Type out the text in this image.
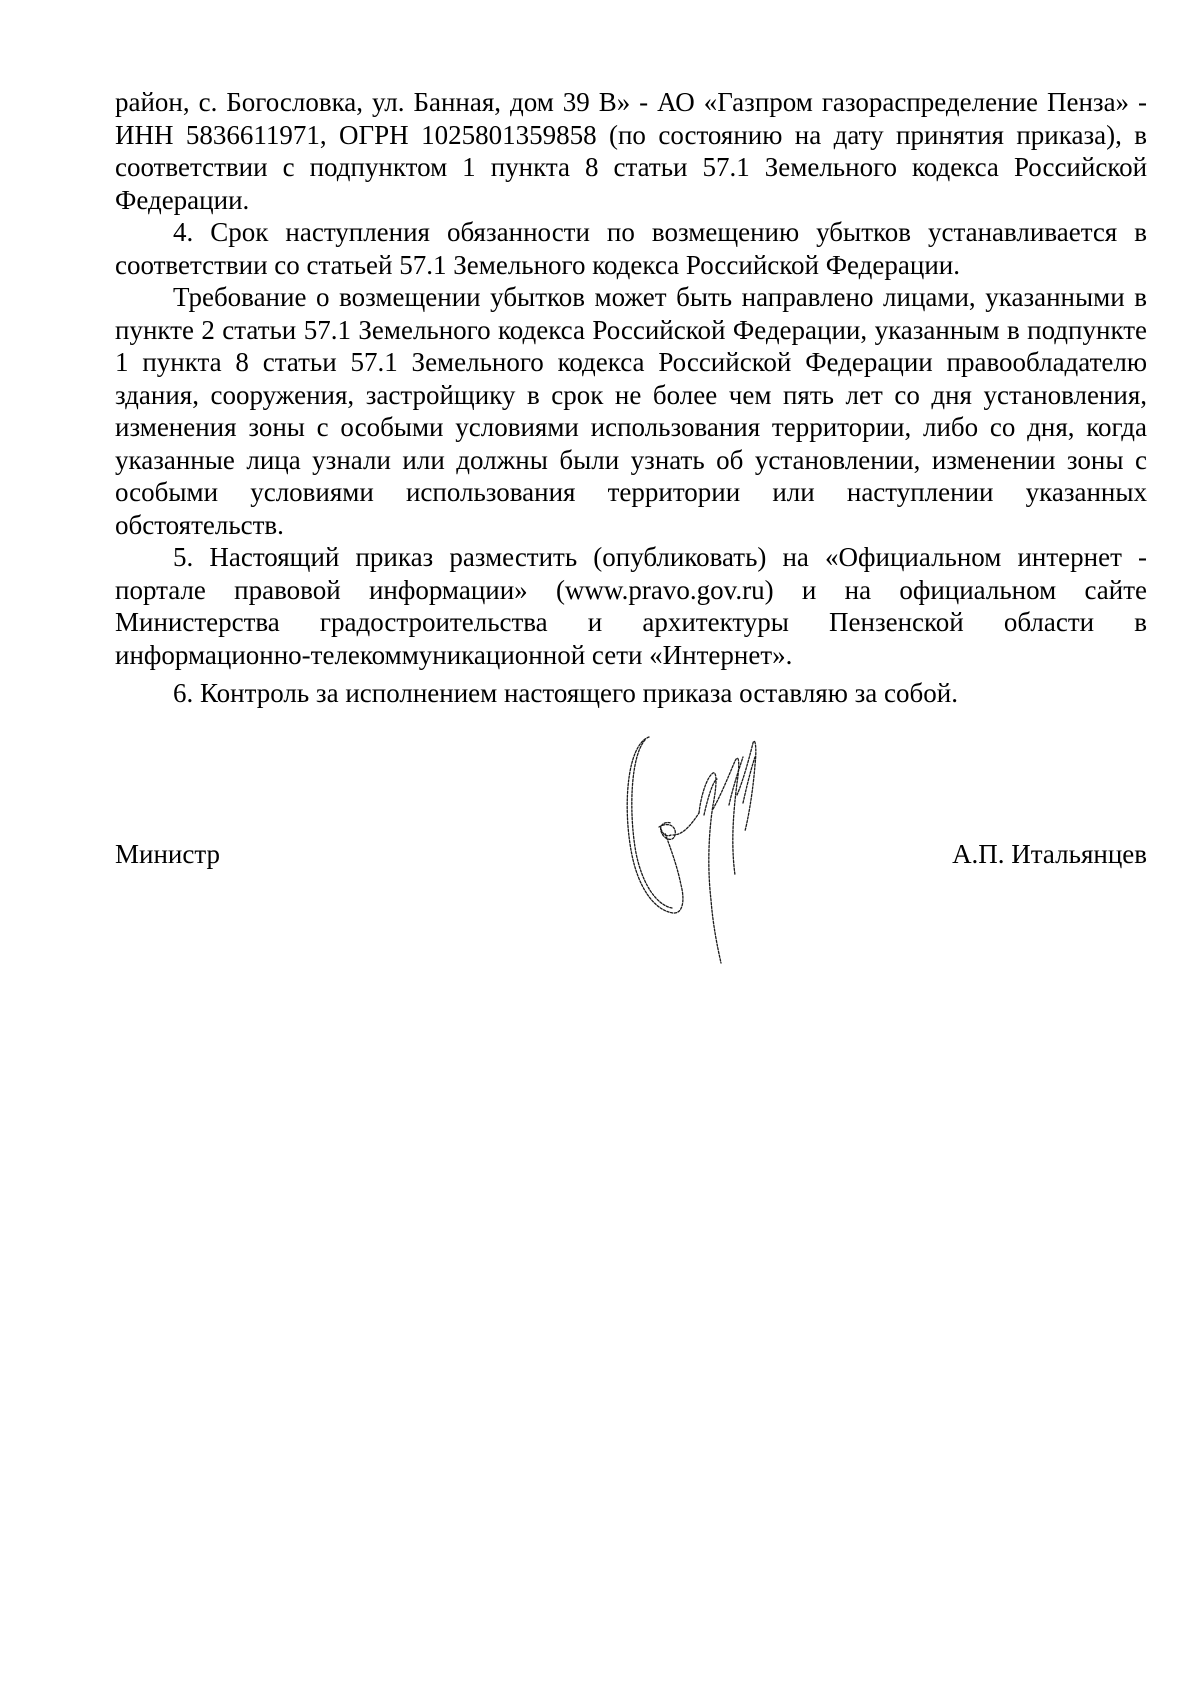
район, с. Богословка, ул. Банная, дом 39 В» - АО «Газпром газораспределение Пенза» - ИНН 5836611971, ОГРН 1025801359858 (по состоянию на дату принятия приказа), в соответствии с подпунктом 1 пункта 8 статьи 57.1 Земельного кодекса Российской Федерации.

4. Срок наступления обязанности по возмещению убытков устанавливается в соответствии со статьей 57.1 Земельного кодекса Российской Федерации.

Требование о возмещении убытков может быть направлено лицами, указанными в пункте 2 статьи 57.1 Земельного кодекса Российской Федерации, указанным в подпункте 1 пункта 8 статьи 57.1 Земельного кодекса Российской Федерации правообладателю здания, сооружения, застройщику в срок не более чем пять лет со дня установления, изменения зоны с особыми условиями использования территории, либо со дня, когда указанные лица узнали или должны были узнать об установлении, изменении зоны с особыми условиями использования территории или наступлении указанных обстоятельств.

5. Настоящий приказ разместить (опубликовать) на «Официальном интернет - портале правовой информации» (www.pravo.gov.ru) и на официальном сайте Министерства градостроительства и архитектуры Пензенской области в информационно-телекоммуникационной сети «Интернет».

6. Контроль за исполнением настоящего приказа оставляю за собой.

Министр	А.П. Итальянцев
